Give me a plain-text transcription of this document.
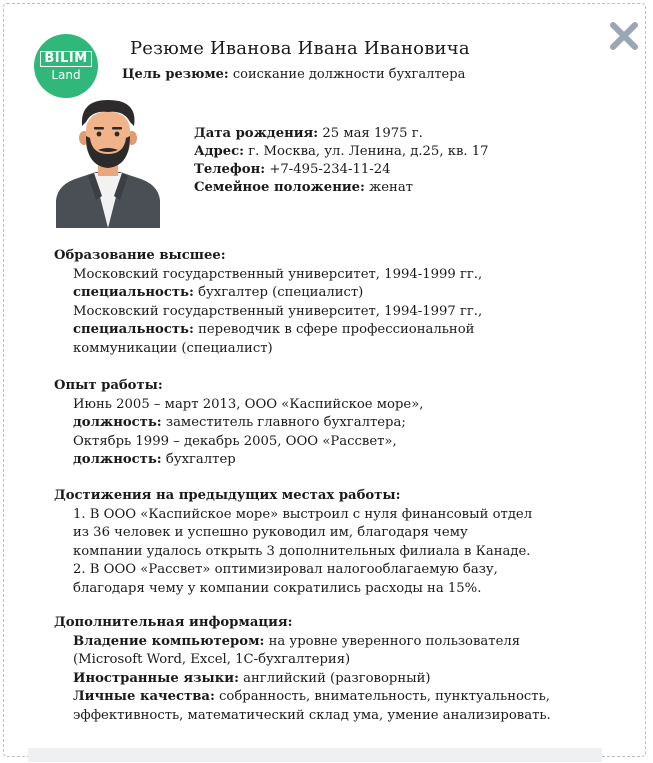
BILIM
Land
Резюме Иванова Ивана Ивановича
Цель резюме: соискание должности бухгалтера
Дата рождения: 25 мая 1975 г.
Адрес: г. Москва, ул. Ленина, д.25, кв. 17
Телефон: +7-495-234-11-24
Семейное положение: женат
Образование высшее:
Московский государственный университет, 1994-1999 гг.,
специальность: бухгалтер (специалист)
Московский государственный университет, 1994-1997 гг.,
специальность: переводчик в сфере профессиональной
коммуникации (специалист)
Опыт работы:
Июнь 2005 – март 2013, ООО «Каспийское море»,
должность: заместитель главного бухгалтера;
Октябрь 1999 – декабрь 2005, ООО «Рассвет»,
должность: бухгалтер
Достижения на предыдущих местах работы:
1. В ООО «Каспийское море» выстроил с нуля финансовый отдел
из 36 человек и успешно руководил им, благодаря чему
компании удалось открыть 3 дополнительных филиала в Канаде.
2. В ООО «Рассвет» оптимизировал налогооблагаемую базу,
благодаря чему у компании сократились расходы на 15%.
Дополнительная информация:
Владение компьютером: на уровне уверенного пользователя
(Microsoft Word, Excel, 1С-бухгалтерия)
Иностранные языки: английский (разговорный)
Личные качества: собранность, внимательность, пунктуальность,
эффективность, математический склад ума, умение анализировать.
